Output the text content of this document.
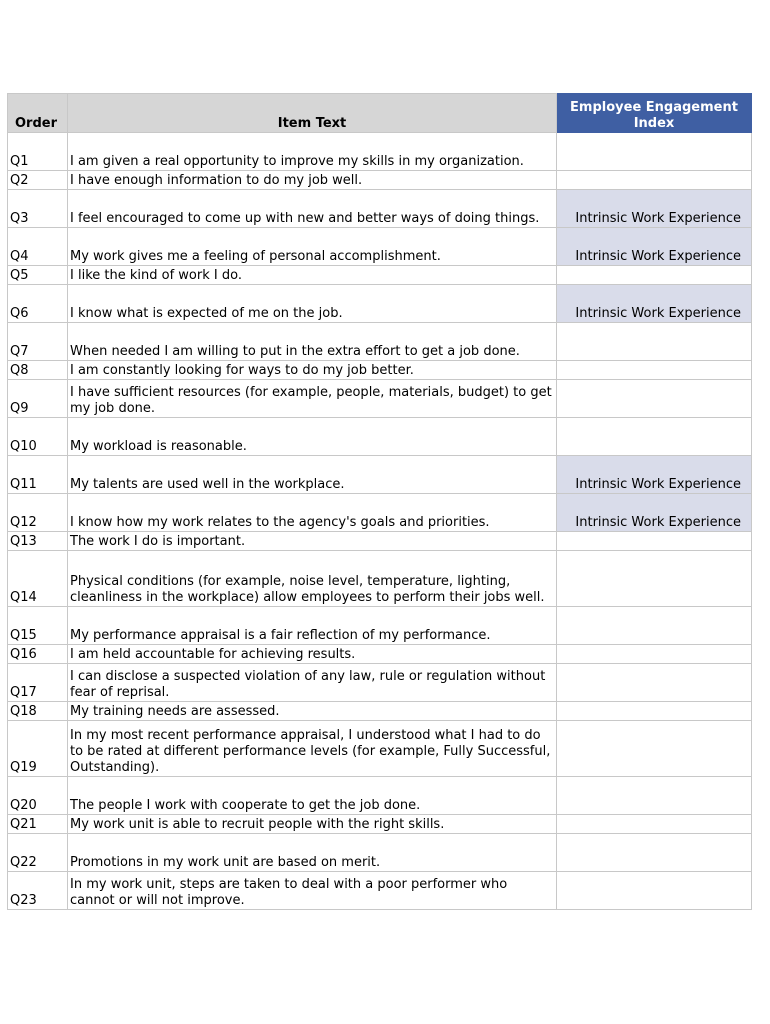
Order	Item Text	Employee Engagement Index
Q1	I am given a real opportunity to improve my skills in my organization.	
Q2	I have enough information to do my job well.	
Q3	I feel encouraged to come up with new and better ways of doing things.	Intrinsic Work Experience
Q4	My work gives me a feeling of personal accomplishment.	Intrinsic Work Experience
Q5	I like the kind of work I do.	
Q6	I know what is expected of me on the job.	Intrinsic Work Experience
Q7	When needed I am willing to put in the extra effort to get a job done.	
Q8	I am constantly looking for ways to do my job better.	
Q9	I have sufficient resources (for example, people, materials, budget) to get my job done.	
Q10	My workload is reasonable.	
Q11	My talents are used well in the workplace.	Intrinsic Work Experience
Q12	I know how my work relates to the agency's goals and priorities.	Intrinsic Work Experience
Q13	The work I do is important.	
Q14	Physical conditions (for example, noise level, temperature, lighting, cleanliness in the workplace) allow employees to perform their jobs well.	
Q15	My performance appraisal is a fair reflection of my performance.	
Q16	I am held accountable for achieving results.	
Q17	I can disclose a suspected violation of any law, rule or regulation without fear of reprisal.	
Q18	My training needs are assessed.	
Q19	In my most recent performance appraisal, I understood what I had to do to be rated at different performance levels (for example, Fully Successful, Outstanding).	
Q20	The people I work with cooperate to get the job done.	
Q21	My work unit is able to recruit people with the right skills.	
Q22	Promotions in my work unit are based on merit.	
Q23	In my work unit, steps are taken to deal with a poor performer who cannot or will not improve.	
